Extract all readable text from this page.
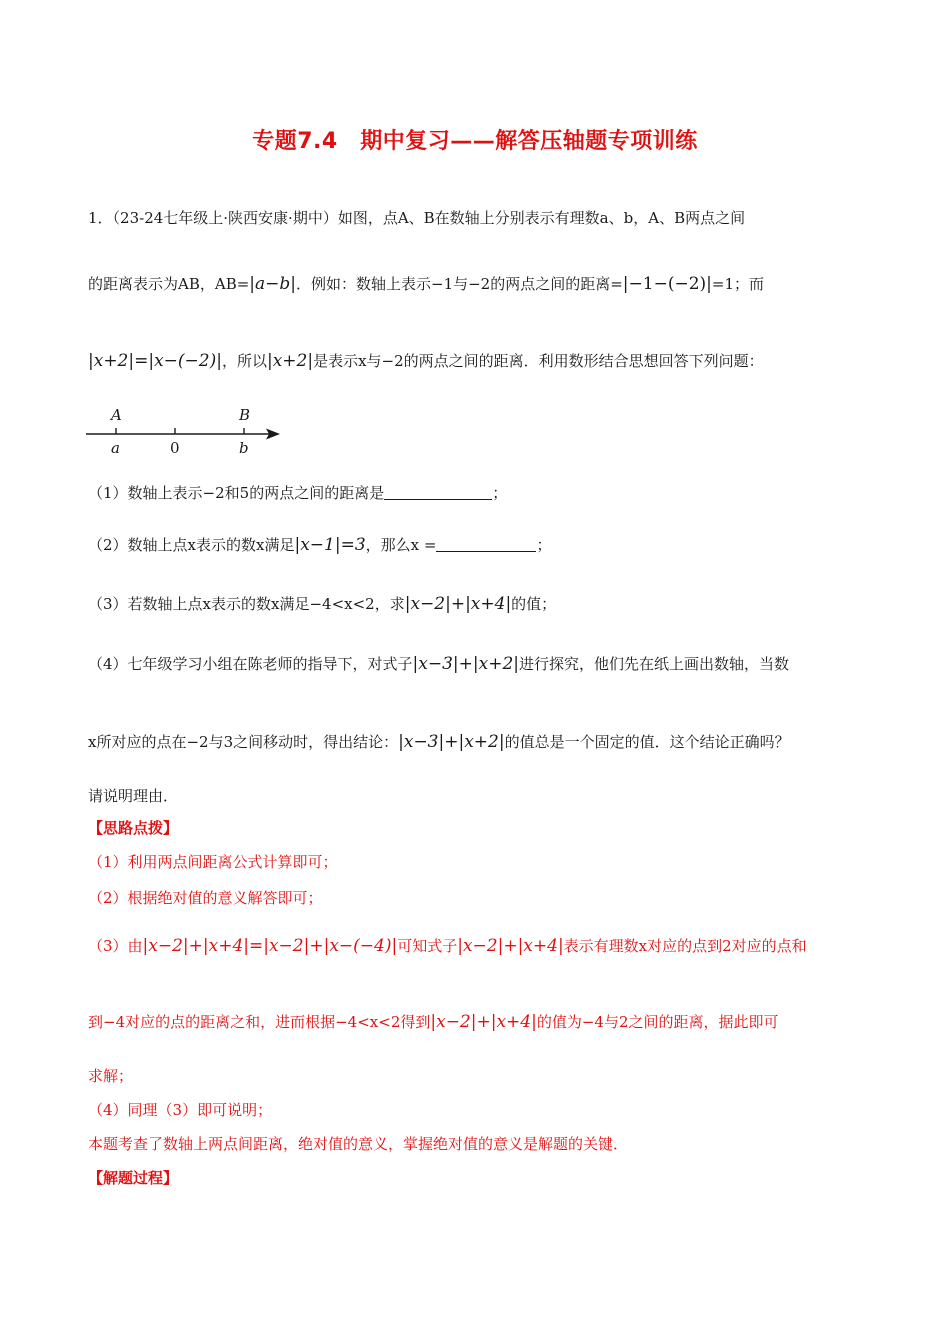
专题7.4　期中复习——解答压轴题专项训练
1．（23-24七年级上·陕西安康·期中）如图，点A、B在数轴上分别表示有理数a、b，A、B两点之间
的距离表示为AB，AB=|a−b|．例如：数轴上表示−1与−2的两点之间的距离=|−1−(−2)|=1；而
|x+2|=|x−(−2)|，所以|x+2|是表示x与−2的两点之间的距离．利用数形结合思想回答下列问题：
A	B
a	0	b
（1）数轴上表示−2和5的两点之间的距离是	；
（2）数轴上点x表示的数x满足|x−1|=3，那么x =	；
（3）若数轴上点x表示的数x满足−4<x<2，求|x−2|+|x+4|的值；
（4）七年级学习小组在陈老师的指导下，对式子|x−3|+|x+2|进行探究，他们先在纸上画出数轴，当数
x所对应的点在−2与3之间移动时，得出结论：|x−3|+|x+2|的值总是一个固定的值．这个结论正确吗？
请说明理由．
【思路点拨】
（1）利用两点间距离公式计算即可；
（2）根据绝对值的意义解答即可；
（3）由|x−2|+|x+4|=|x−2|+|x−(−4)|可知式子|x−2|+|x+4|表示有理数x对应的点到2对应的点和
到−4对应的点的距离之和，进而根据−4<x<2得到|x−2|+|x+4|的值为−4与2之间的距离，据此即可
求解；
（4）同理（3）即可说明；
本题考查了数轴上两点间距离，绝对值的意义，掌握绝对值的意义是解题的关键．
【解题过程】
